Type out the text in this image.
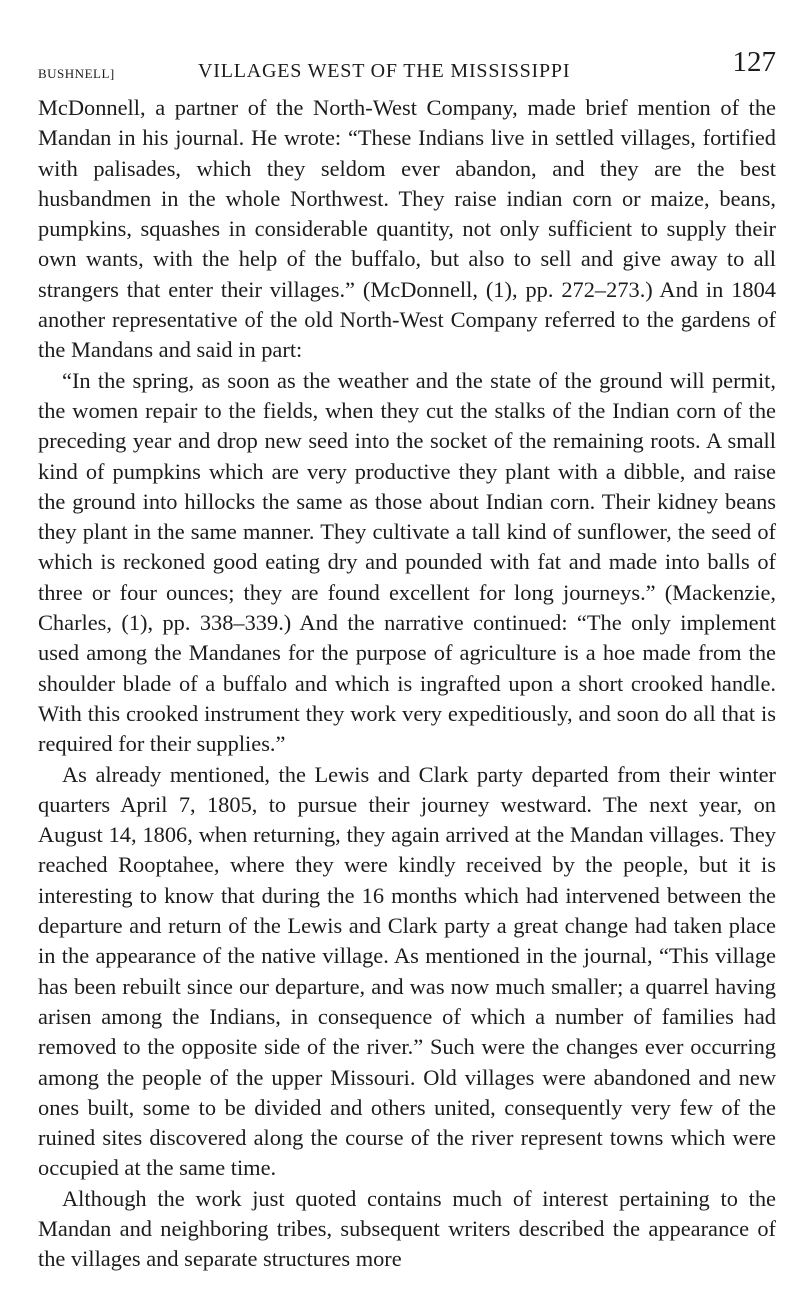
BUSHNELL]	VILLAGES WEST OF THE MISSISSIPPI	127

McDonnell, a partner of the North-West Company, made brief mention of the Mandan in his journal. He wrote: “These Indians live in settled villages, fortified with palisades, which they seldom ever abandon, and they are the best husbandmen in the whole Northwest. They raise indian corn or maize, beans, pumpkins, squashes in considerable quantity, not only sufficient to supply their own wants, with the help of the buffalo, but also to sell and give away to all strangers that enter their villages.” (McDonnell, (1), pp. 272–273.) And in 1804 another representative of the old North-West Company referred to the gardens of the Mandans and said in part:

“In the spring, as soon as the weather and the state of the ground will permit, the women repair to the fields, when they cut the stalks of the Indian corn of the preceding year and drop new seed into the socket of the remaining roots. A small kind of pumpkins which are very productive they plant with a dibble, and raise the ground into hillocks the same as those about Indian corn. Their kidney beans they plant in the same manner. They cultivate a tall kind of sunflower, the seed of which is reckoned good eating dry and pounded with fat and made into balls of three or four ounces; they are found excellent for long journeys.” (Mackenzie, Charles, (1), pp. 338–339.) And the narrative continued: “The only implement used among the Mandanes for the purpose of agriculture is a hoe made from the shoulder blade of a buffalo and which is ingrafted upon a short crooked handle. With this crooked instrument they work very expeditiously, and soon do all that is required for their supplies.”

As already mentioned, the Lewis and Clark party departed from their winter quarters April 7, 1805, to pursue their journey westward. The next year, on August 14, 1806, when returning, they again arrived at the Mandan villages. They reached Rooptahee, where they were kindly received by the people, but it is interesting to know that during the 16 months which had intervened between the departure and return of the Lewis and Clark party a great change had taken place in the appearance of the native village. As mentioned in the journal, “This village has been rebuilt since our departure, and was now much smaller; a quarrel having arisen among the Indians, in consequence of which a number of families had removed to the opposite side of the river.” Such were the changes ever occurring among the people of the upper Missouri. Old villages were abandoned and new ones built, some to be divided and others united, consequently very few of the ruined sites discovered along the course of the river represent towns which were occupied at the same time.

Although the work just quoted contains much of interest pertaining to the Mandan and neighboring tribes, subsequent writers described the appearance of the villages and separate structures more
